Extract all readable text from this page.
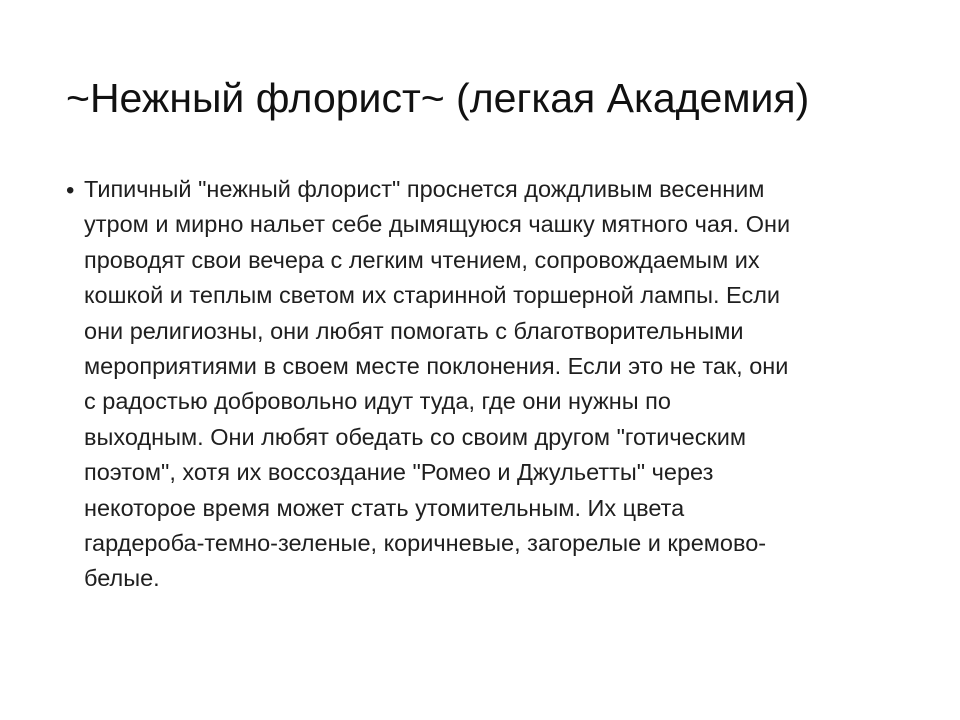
~Нежный флорист~ (легкая Академия)
• Типичный "нежный флорист" проснется дождливым весенним
утром и мирно нальет себе дымящуюся чашку мятного чая. Они
проводят свои вечера с легким чтением, сопровождаемым их
кошкой и теплым светом их старинной торшерной лампы. Если
они религиозны, они любят помогать с благотворительными
мероприятиями в своем месте поклонения. Если это не так, они
с радостью добровольно идут туда, где они нужны по
выходным. Они любят обедать со своим другом "готическим
поэтом", хотя их воссоздание "Ромео и Джульетты" через
некоторое время может стать утомительным. Их цвета
гардероба-темно-зеленые, коричневые, загорелые и кремово-
белые.
